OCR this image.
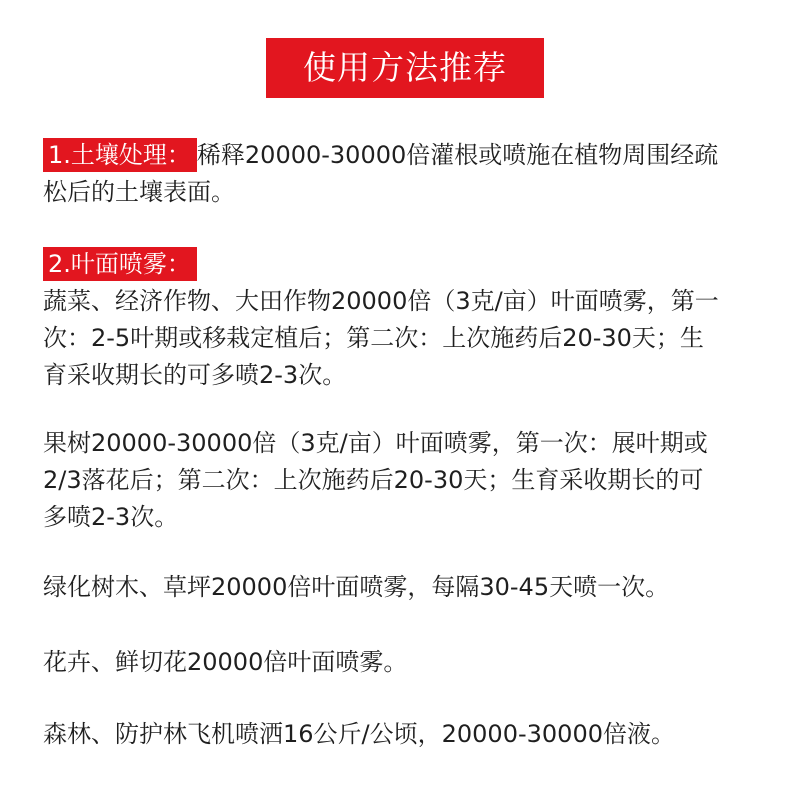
使用方法推荐
1.土壤处理： 稀释20000-30000倍灌根或喷施在植物周围经疏
松后的土壤表面。
2.叶面喷雾：
蔬菜、经济作物、大田作物20000倍（3克/亩）叶面喷雾，第一
次：2-5叶期或移栽定植后；第二次：上次施药后20-30天；生
育采收期长的可多喷2-3次。
果树20000-30000倍（3克/亩）叶面喷雾，第一次：展叶期或
2/3落花后；第二次：上次施药后20-30天；生育采收期长的可
多喷2-3次。
绿化树木、草坪20000倍叶面喷雾，每隔30-45天喷一次。
花卉、鲜切花20000倍叶面喷雾。
森林、防护林飞机喷洒16公斤/公顷，20000-30000倍液。
